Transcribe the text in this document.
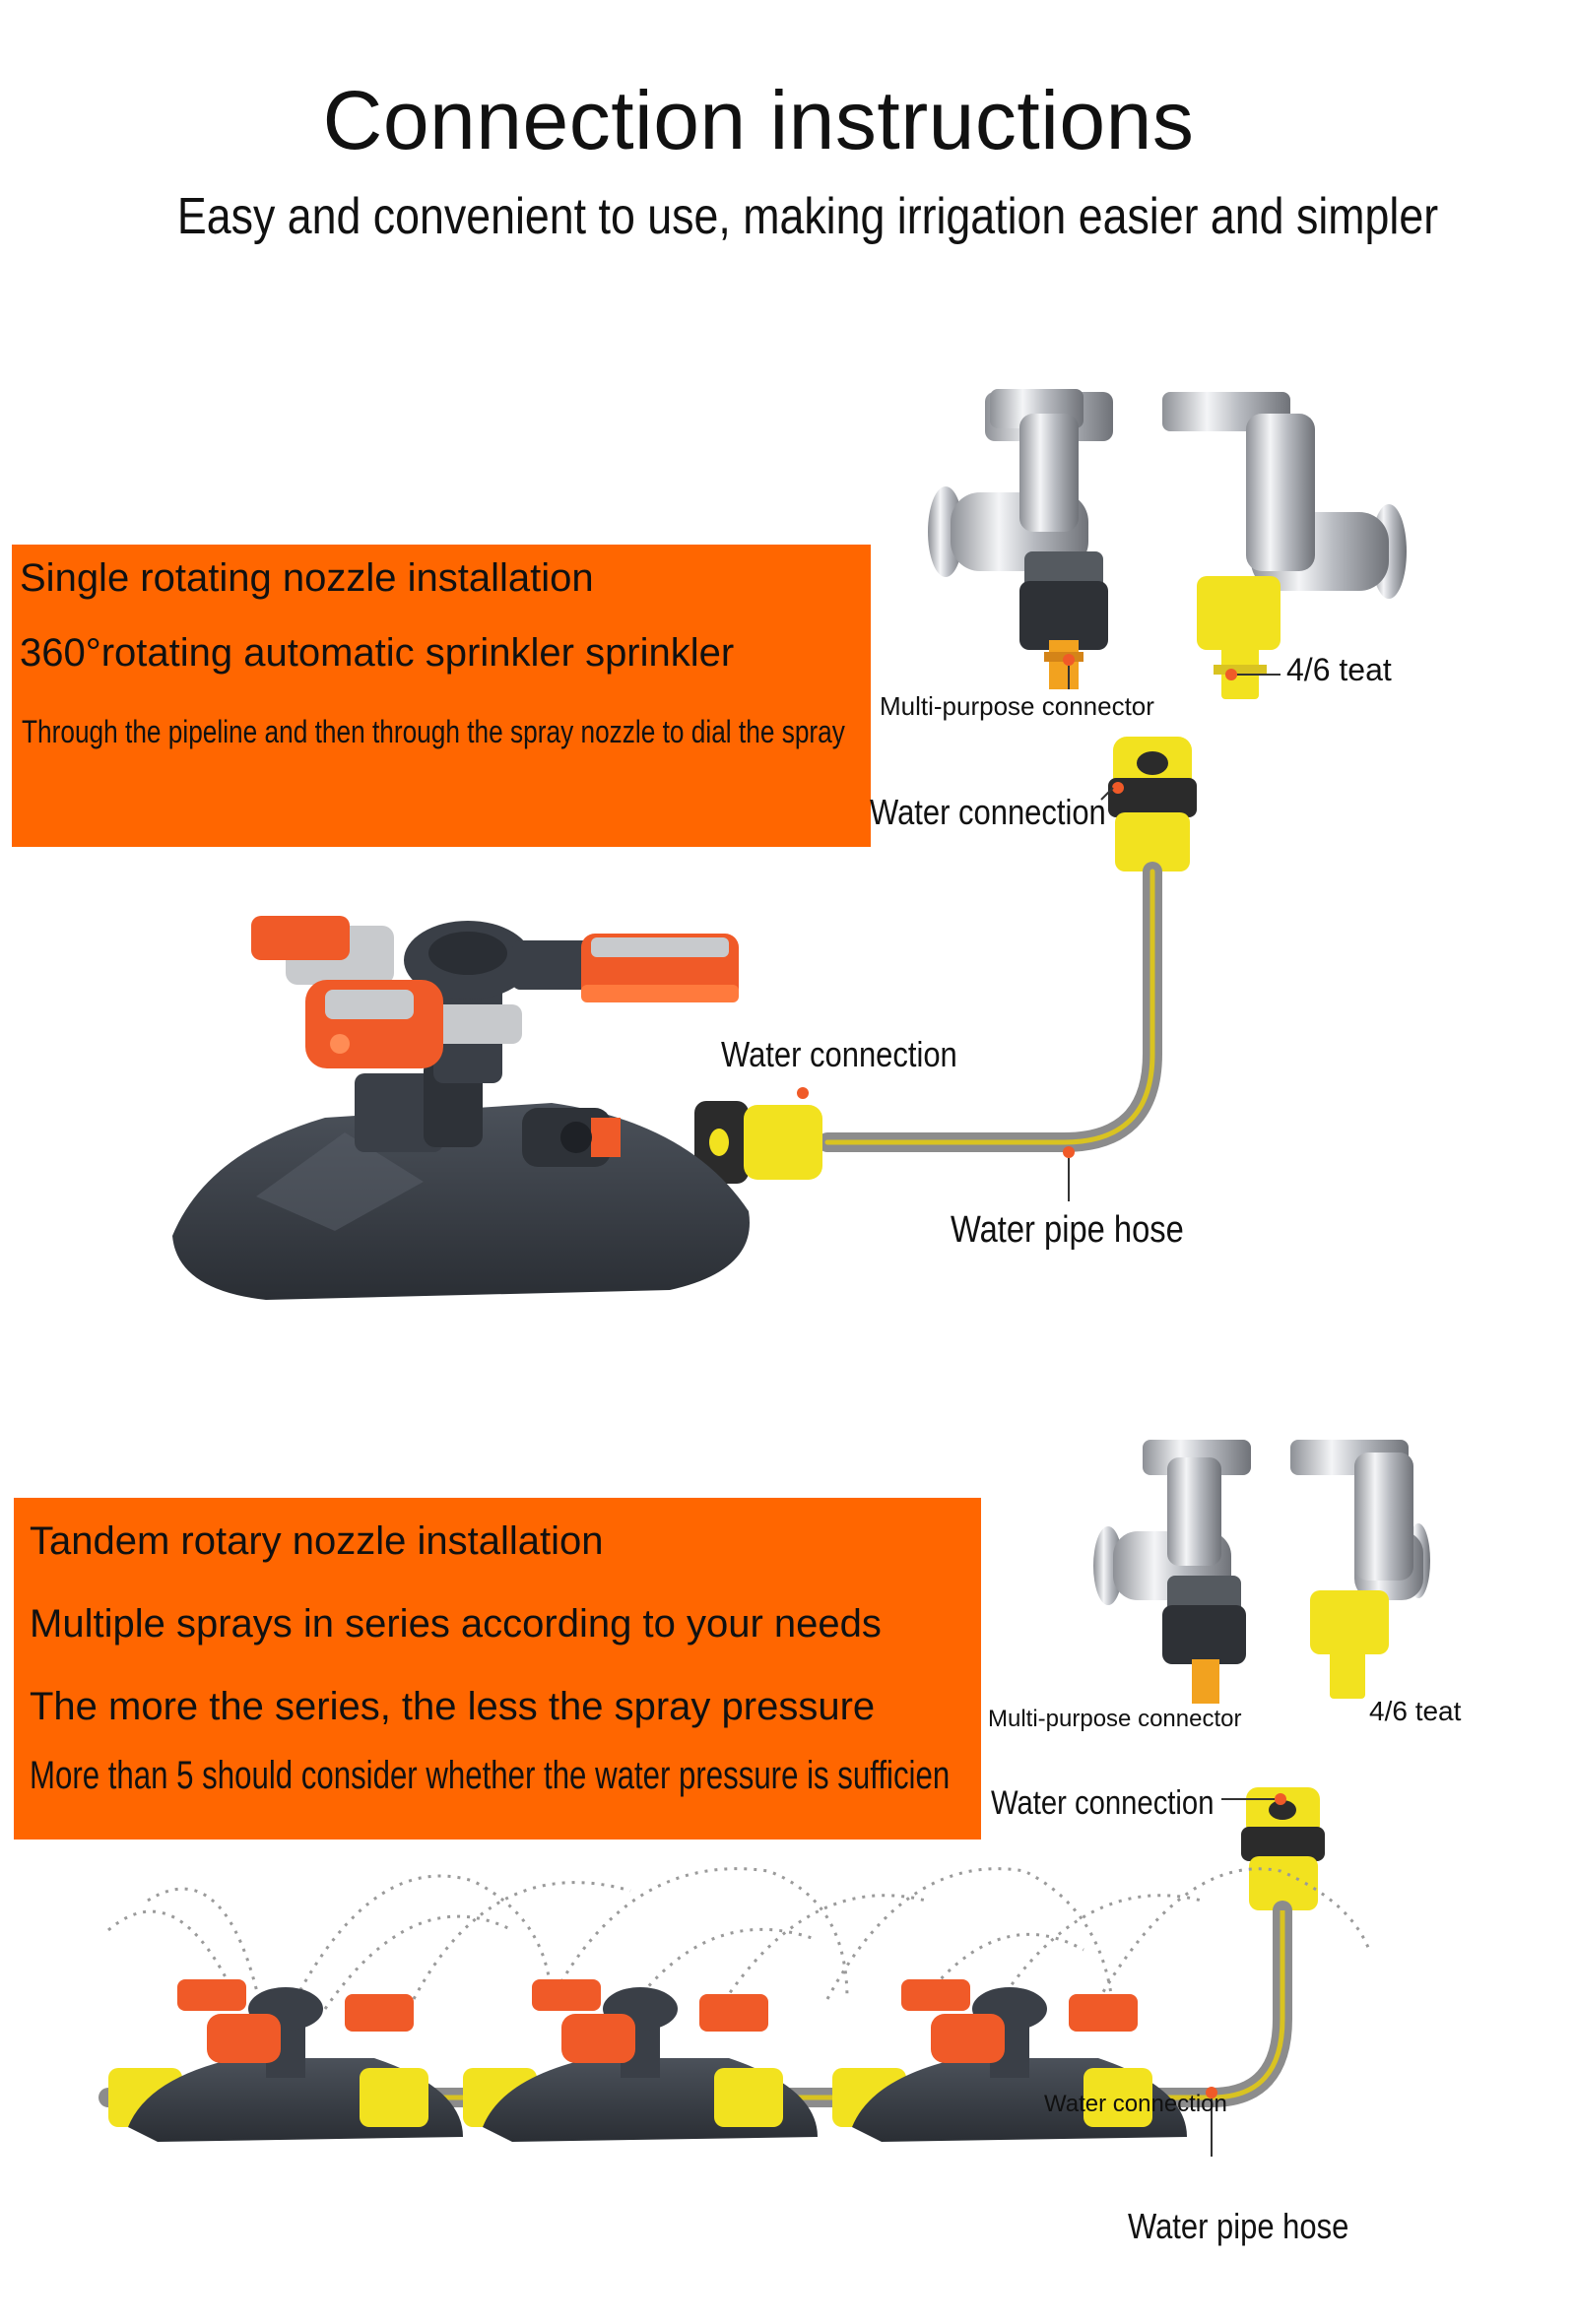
Connection instructions
Easy and convenient to use, making irrigation easier and simpler
Single rotating nozzle installation
360°rotating automatic sprinkler sprinkler
Through the pipeline and then through the spray nozzle to dial the spray
Multi-purpose connector
4/6 teat
Water connection
Water connection
Water pipe hose
Tandem rotary nozzle installation
Multiple sprays in series according to your needs
The more the series, the less the spray pressure
More than 5 should consider whether the water pressure is sufficien
Multi-purpose connector	4/6 teat
Water connection
Water connection
Water pipe hose
